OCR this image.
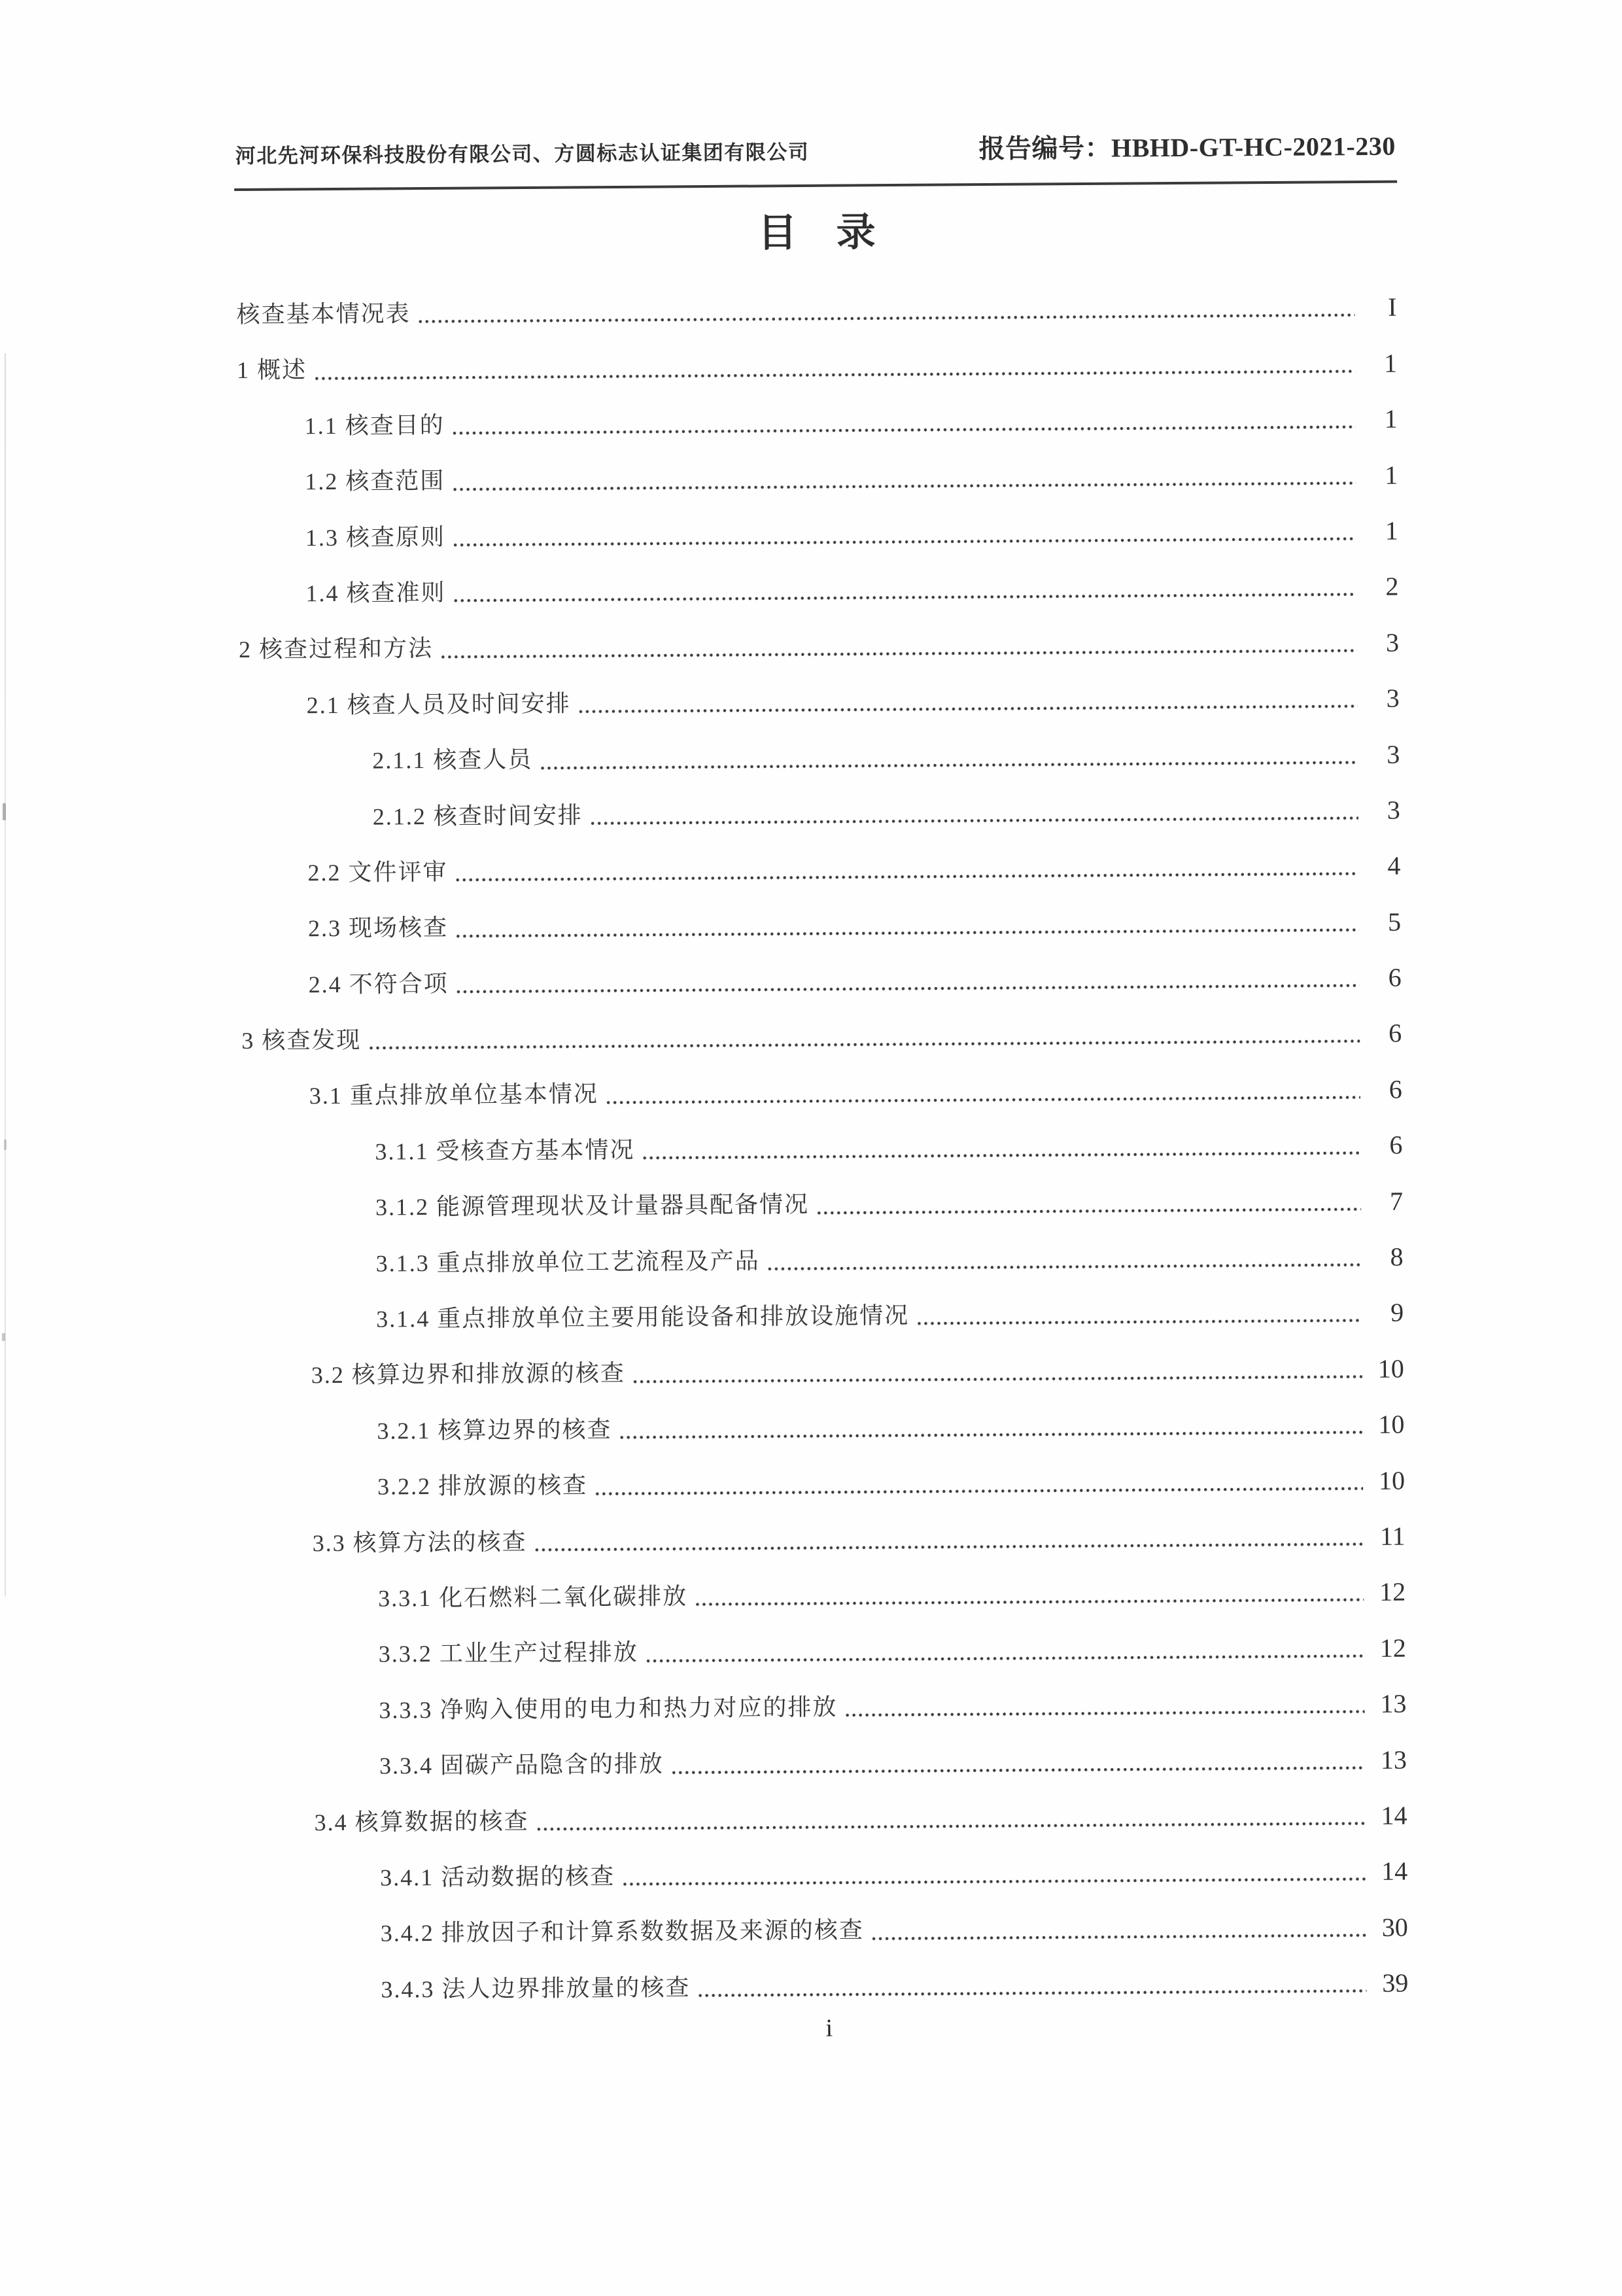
河北先河环保科技股份有限公司、方圆标志认证集团有限公司	报告编号：HBHD-GT-HC-2021-230
目　录
核查基本情况表	I
1 概述	1
1.1 核查目的	1
1.2 核查范围	1
1.3 核查原则	1
1.4 核查准则	2
2 核查过程和方法	3
2.1 核查人员及时间安排	3
2.1.1 核查人员	3
2.1.2 核查时间安排	3
2.2 文件评审	4
2.3 现场核查	5
2.4 不符合项	6
3 核查发现	6
3.1 重点排放单位基本情况	6
3.1.1 受核查方基本情况	6
3.1.2 能源管理现状及计量器具配备情况	7
3.1.3 重点排放单位工艺流程及产品	8
3.1.4 重点排放单位主要用能设备和排放设施情况	9
3.2 核算边界和排放源的核查	10
3.2.1 核算边界的核查	10
3.2.2 排放源的核查	10
3.3 核算方法的核查	11
3.3.1 化石燃料二氧化碳排放	12
3.3.2 工业生产过程排放	12
3.3.3 净购入使用的电力和热力对应的排放	13
3.3.4 固碳产品隐含的排放	13
3.4 核算数据的核查	14
3.4.1 活动数据的核查	14
3.4.2 排放因子和计算系数数据及来源的核查	30
3.4.3 法人边界排放量的核查	39
i
